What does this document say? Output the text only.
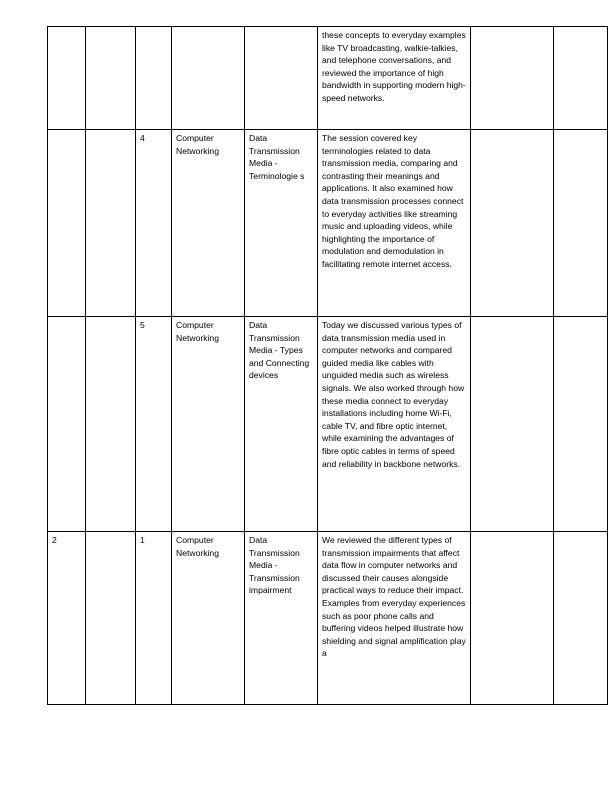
					these concepts to everyday examples like TV broadcasting, walkie-talkies, and telephone conversations, and reviewed the importance of high bandwidth in supporting modern high-speed networks.		
		4	Computer Networking	Data Transmission Media - Terminologie s	The session covered key terminologies related to data transmission media, comparing and contrasting their meanings and applications. It also examined how data transmission processes connect to everyday activities like streaming music and uploading videos, while highlighting the importance of modulation and demodulation in facilitating remote internet access.		
		5	Computer Networking	Data Transmission Media - Types and Connecting devices	Today we discussed various types of data transmission media used in computer networks and compared guided media like cables with unguided media such as wireless signals. We also worked through how these media connect to everyday installations including home Wi-Fi, cable TV, and fibre optic internet, while examining the advantages of fibre optic cables in terms of speed and reliability in backbone networks.		
2		1	Computer Networking	Data Transmission Media - Transmission impairment	We reviewed the different types of transmission impairments that affect data flow in computer networks and discussed their causes alongside practical ways to reduce their impact. Examples from everyday experiences such as poor phone calls and buffering videos helped illustrate how shielding and signal amplification play a		
